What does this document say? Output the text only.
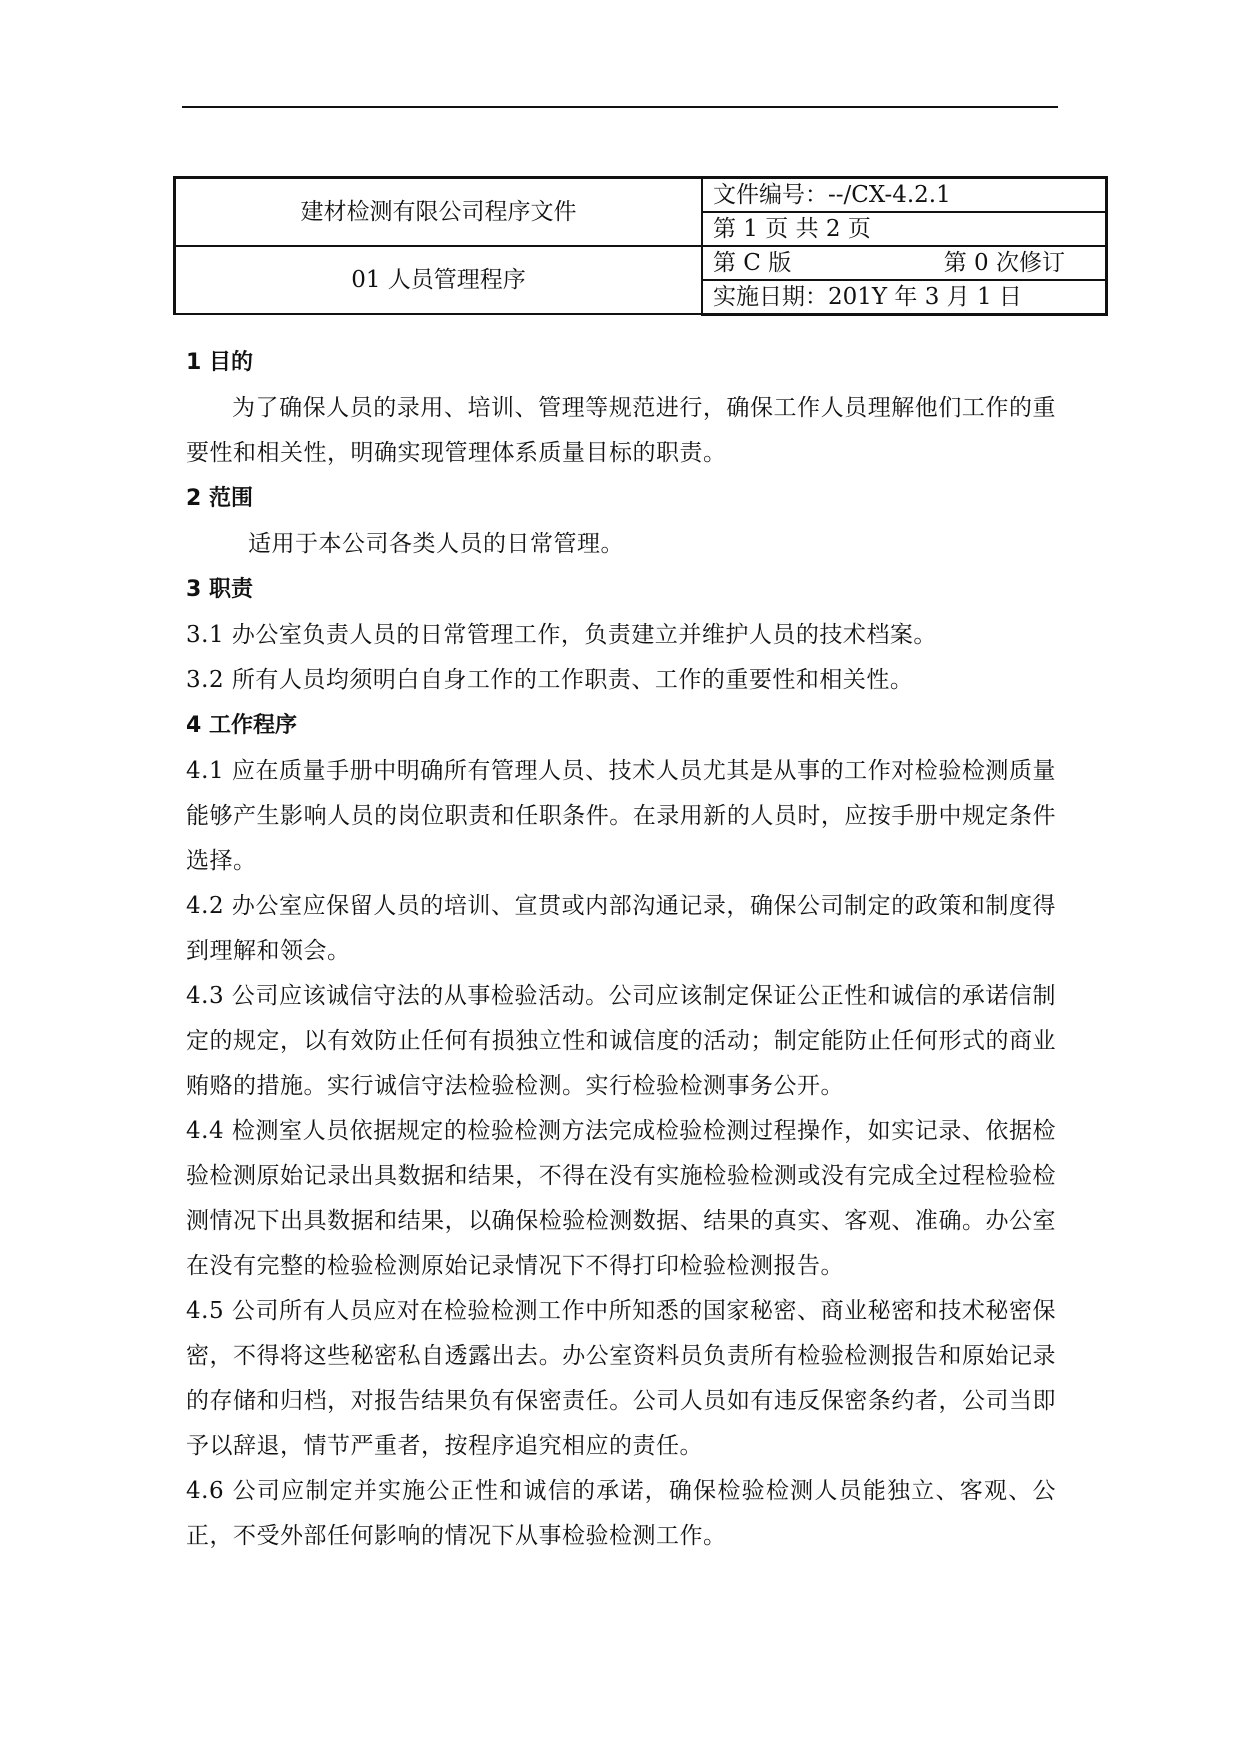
建材检测有限公司程序文件	文件编号：--/CX-4.2.1
	第 1 页 共 2 页
01 人员管理程序	第 C 版 第 0 次修订

	实施日期：201Y 年 3 月 1 日

1 目的

为了确保人员的录用、培训、管理等规范进行，确保工作人员理解他们工作的重要性和相关性，明确实现管理体系质量目标的职责。

2 范围

适用于本公司各类人员的日常管理。

3 职责

3.1 办公室负责人员的日常管理工作，负责建立并维护人员的技术档案。

3.2 所有人员均须明白自身工作的工作职责、工作的重要性和相关性。

4 工作程序

4.1 应在质量手册中明确所有管理人员、技术人员尤其是从事的工作对检验检测质量能够产生影响人员的岗位职责和任职条件。在录用新的人员时，应按手册中规定条件选择。

4.2 办公室应保留人员的培训、宣贯或内部沟通记录，确保公司制定的政策和制度得到理解和领会。

4.3 公司应该诚信守法的从事检验活动。公司应该制定保证公正性和诚信的承诺信制定的规定，以有效防止任何有损独立性和诚信度的活动；制定能防止任何形式的商业贿赂的措施。实行诚信守法检验检测。实行检验检测事务公开。

4.4 检测室人员依据规定的检验检测方法完成检验检测过程操作，如实记录、依据检验检测原始记录出具数据和结果，不得在没有实施检验检测或没有完成全过程检验检测情况下出具数据和结果，以确保检验检测数据、结果的真实、客观、准确。办公室在没有完整的检验检测原始记录情况下不得打印检验检测报告。

4.5 公司所有人员应对在检验检测工作中所知悉的国家秘密、商业秘密和技术秘密保密，不得将这些秘密私自透露出去。办公室资料员负责所有检验检测报告和原始记录的存储和归档，对报告结果负有保密责任。公司人员如有违反保密条约者，公司当即予以辞退，情节严重者，按程序追究相应的责任。

4.6 公司应制定并实施公正性和诚信的承诺，确保检验检测人员能独立、客观、公正，不受外部任何影响的情况下从事检验检测工作。
